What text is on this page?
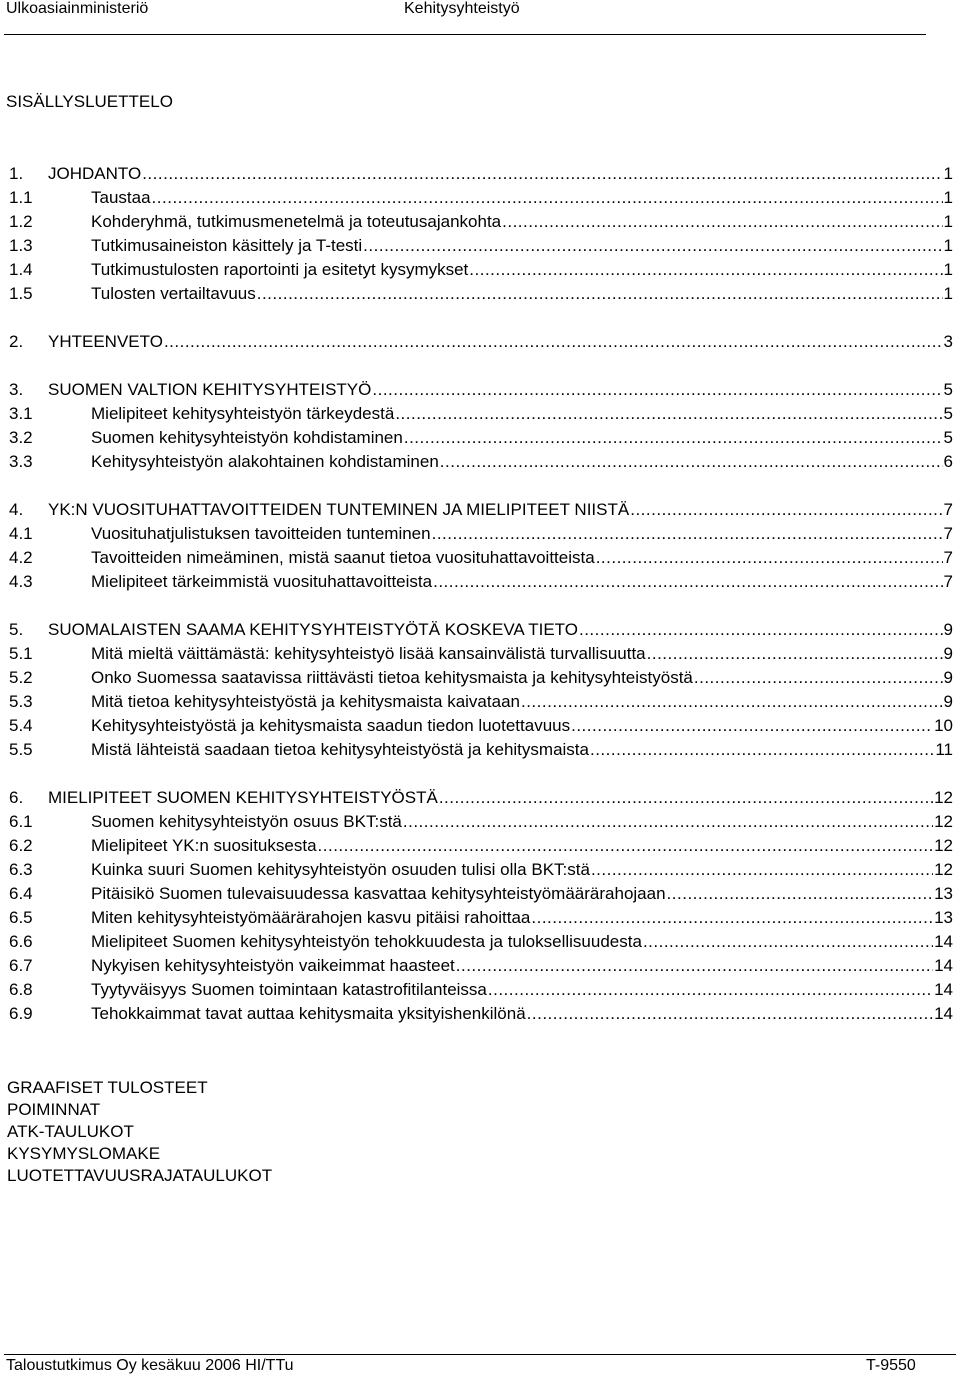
Ulkoasiainministeriö	Kehitysyhteistyö
SISÄLLYSLUETTELO
1.	JOHDANTO .....	1
1.1	Taustaa .....	1
1.2	Kohderyhmä, tutkimusmenetelmä ja toteutusajankohta .....	1
1.3	Tutkimusaineiston käsittely ja T-testi .....	1
1.4	Tutkimustulosten raportointi ja esitetyt kysymykset .....	1
1.5	Tulosten vertailtavuus .....	1
2.	YHTEENVETO .....	3
3.	SUOMEN VALTION KEHITYSYHTEISTYÖ .....	5
3.1	Mielipiteet kehitysyhteistyön tärkeydestä .....	5
3.2	Suomen kehitysyhteistyön kohdistaminen .....	5
3.3	Kehitysyhteistyön alakohtainen kohdistaminen .....	6
4.	YK:N VUOSITUHATTAVOITTEIDEN TUNTEMINEN JA MIELIPITEET NIISTÄ .....	7
4.1	Vuosituhatjulistuksen tavoitteiden tunteminen .....	7
4.2	Tavoitteiden nimeäminen, mistä saanut tietoa vuosituhattavoitteista .....	7
4.3	Mielipiteet tärkeimmistä vuosituhattavoitteista .....	7
5.	SUOMALAISTEN SAAMA KEHITYSYHTEISTYÖTÄ KOSKEVA TIETO .....	9
5.1	Mitä mieltä väittämästä: kehitysyhteistyö lisää kansainvälistä turvallisuutta .....	9
5.2	Onko Suomessa saatavissa riittävästi tietoa kehitysmaista ja kehitysyhteistyöstä .....	9
5.3	Mitä tietoa kehitysyhteistyöstä ja kehitysmaista kaivataan .....	9
5.4	Kehitysyhteistyöstä ja kehitysmaista saadun tiedon luotettavuus .....	10
5.5	Mistä lähteistä saadaan tietoa kehitysyhteistyöstä ja kehitysmaista .....	11
6.	MIELIPITEET SUOMEN KEHITYSYHTEISTYÖSTÄ .....	12
6.1	Suomen kehitysyhteistyön osuus BKT:stä .....	12
6.2	Mielipiteet YK:n suosituksesta .....	12
6.3	Kuinka suuri Suomen kehitysyhteistyön osuuden tulisi olla BKT:stä .....	12
6.4	Pitäisikö Suomen tulevaisuudessa kasvattaa kehitysyhteistyömäärärahojaan .....	13
6.5	Miten kehitysyhteistyömäärärahojen kasvu pitäisi rahoittaa .....	13
6.6	Mielipiteet Suomen kehitysyhteistyön tehokkuudesta ja tuloksellisuudesta .....	14
6.7	Nykyisen kehitysyhteistyön vaikeimmat haasteet .....	14
6.8	Tyytyväisyys Suomen toimintaan katastrofitilanteissa .....	14
6.9	Tehokkaimmat tavat auttaa kehitysmaita yksityishenkilönä .....	14
GRAAFISET TULOSTEET
POIMINNAT
ATK-TAULUKOT
KYSYMYSLOMAKE
LUOTETTAVUUSRAJATAULUKOT
Taloustutkimus Oy kesäkuu 2006 HI/TTu	T-9550
